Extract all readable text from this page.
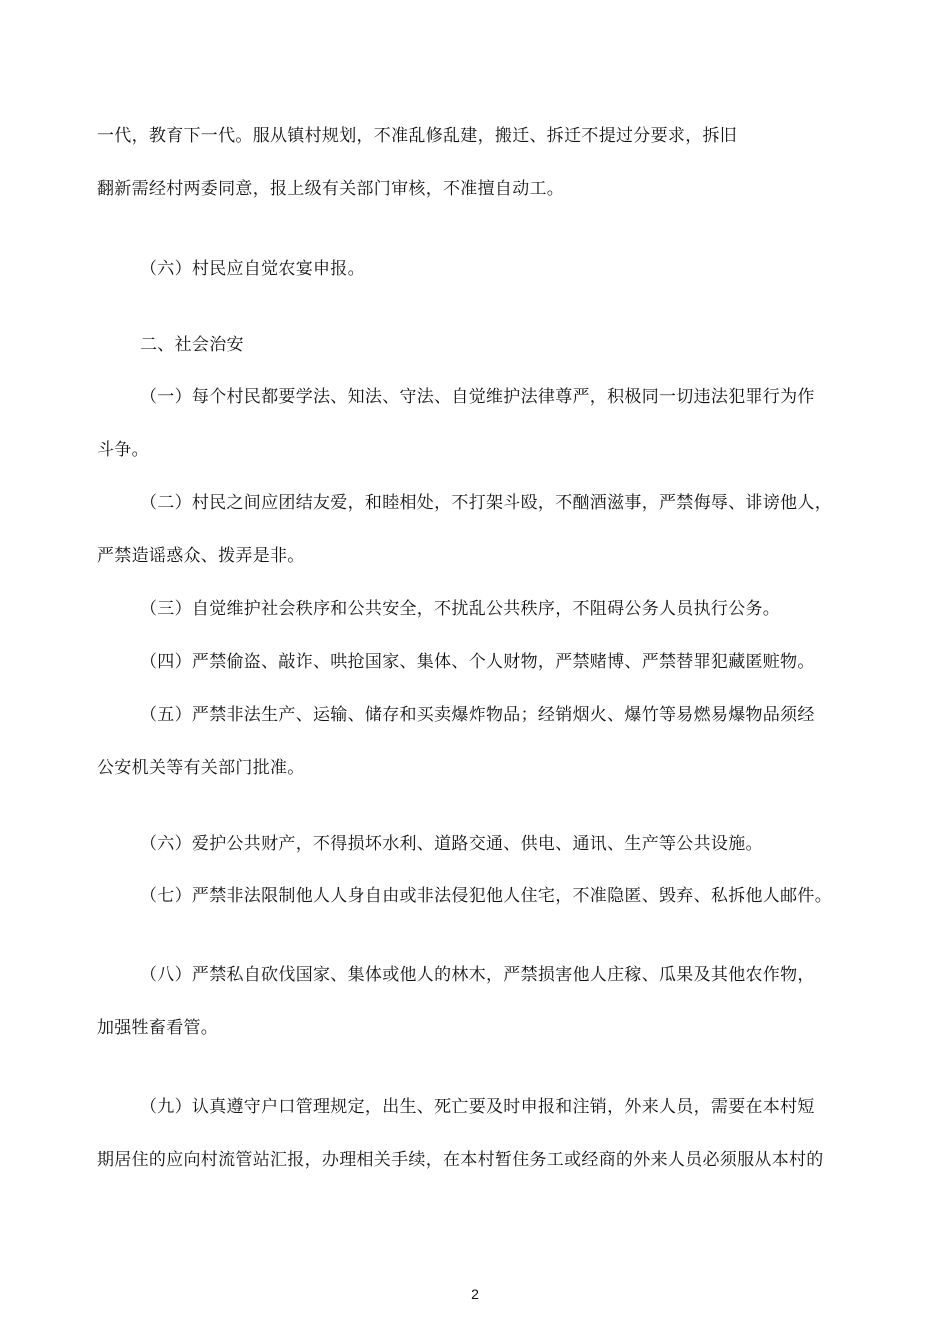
一代，教育下一代。服从镇村规划，不准乱修乱建，搬迁、拆迁不提过分要求，拆旧
翻新需经村两委同意，报上级有关部门审核，不准擅自动工。
（六）村民应自觉农宴申报。
二、社会治安
（一）每个村民都要学法、知法、守法、自觉维护法律尊严，积极同一切违法犯罪行为作
斗争。
（二）村民之间应团结友爱，和睦相处，不打架斗殴，不酗酒滋事，严禁侮辱、诽谤他人，
严禁造谣惑众、拨弄是非。
（三）自觉维护社会秩序和公共安全，不扰乱公共秩序，不阻碍公务人员执行公务。
（四）严禁偷盗、敲诈、哄抢国家、集体、个人财物，严禁赌博、严禁替罪犯藏匿赃物。
（五）严禁非法生产、运输、储存和买卖爆炸物品；经销烟火、爆竹等易燃易爆物品须经
公安机关等有关部门批准。
（六）爱护公共财产，不得损坏水利、道路交通、供电、通讯、生产等公共设施。
（七）严禁非法限制他人人身自由或非法侵犯他人住宅，不准隐匿、毁弃、私拆他人邮件。
（八）严禁私自砍伐国家、集体或他人的林木，严禁损害他人庄稼、瓜果及其他农作物，
加强牲畜看管。
（九）认真遵守户口管理规定，出生、死亡要及时申报和注销，外来人员，需要在本村短
期居住的应向村流管站汇报，办理相关手续，在本村暂住务工或经商的外来人员必须服从本村的
2
